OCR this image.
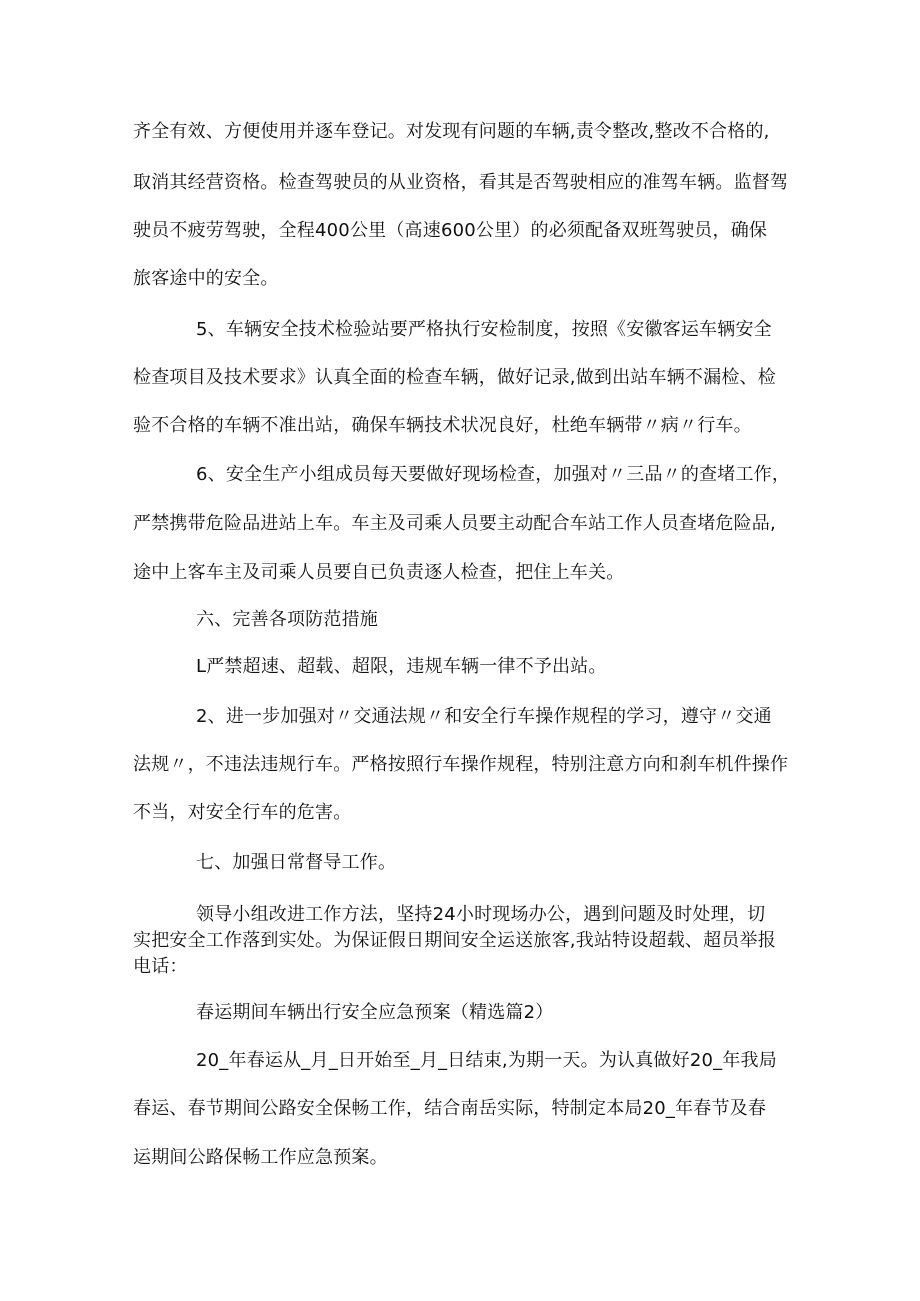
齐全有效、方便使用并逐车登记。对发现有问题的车辆,责令整改,整改不合格的,
取消其经营资格。检查驾驶员的从业资格，看其是否驾驶相应的准驾车辆。监督驾
驶员不疲劳驾驶，全程400公里（高速600公里）的必须配备双班驾驶员，确保
旅客途中的安全。
5、车辆安全技术检验站要严格执行安检制度，按照《安徽客运车辆安全
检查项目及技术要求》认真全面的检查车辆，做好记录,做到出站车辆不漏检、检
验不合格的车辆不准出站，确保车辆技术状况良好，杜绝车辆带〃病〃行车。
6、安全生产小组成员每天要做好现场检查，加强对〃三品〃的查堵工作，
严禁携带危险品进站上车。车主及司乘人员要主动配合车站工作人员查堵危险品,
途中上客车主及司乘人员要自已负责逐人检查，把住上车关。
六、完善各项防范措施
L严禁超速、超载、超限，违规车辆一律不予出站。
2、进一步加强对〃交通法规〃和安全行车操作规程的学习，遵守〃交通
法规〃，不违法违规行车。严格按照行车操作规程，特别注意方向和刹车机件操作
不当，对安全行车的危害。
七、加强日常督导工作。
领导小组改进工作方法，坚持24小时现场办公，遇到问题及时处理，切
实把安全工作落到实处。为保证假日期间安全运送旅客,我站特设超载、超员举报
电话：
春运期间车辆出行安全应急预案（精选篇2）
20_年春运从_月_日开始至_月_日结束,为期一天。为认真做好20_年我局
春运、春节期间公路安全保畅工作，结合南岳实际，特制定本局20_年春节及春
运期间公路保畅工作应急预案。
